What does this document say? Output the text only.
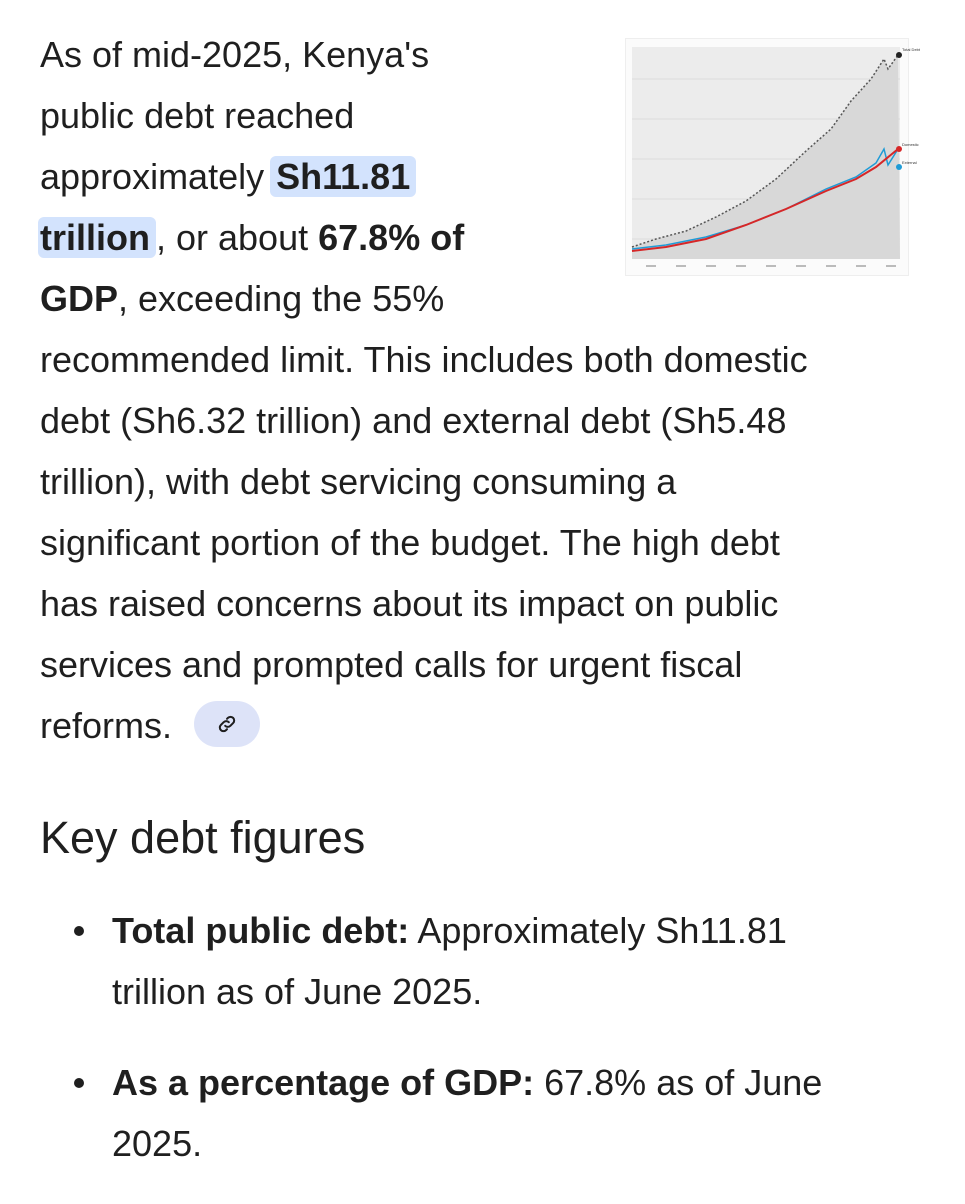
As of mid-2025, Kenya's
public debt reached
approximately Sh11.81
trillion , or about 67.8% of
GDP, exceeding the 55%
recommended limit. This includes both domestic
debt (Sh6.32 trillion) and external debt (Sh5.48
trillion), with debt servicing consuming a
significant portion of the budget. The high debt
has raised concerns about its impact on public
services and prompted calls for urgent fiscal
reforms.
Total Debt
Domestic
External
Key debt figures
Total public debt: Approximately Sh11.81
trillion as of June 2025.
As a percentage of GDP: 67.8% as of June
2025.
